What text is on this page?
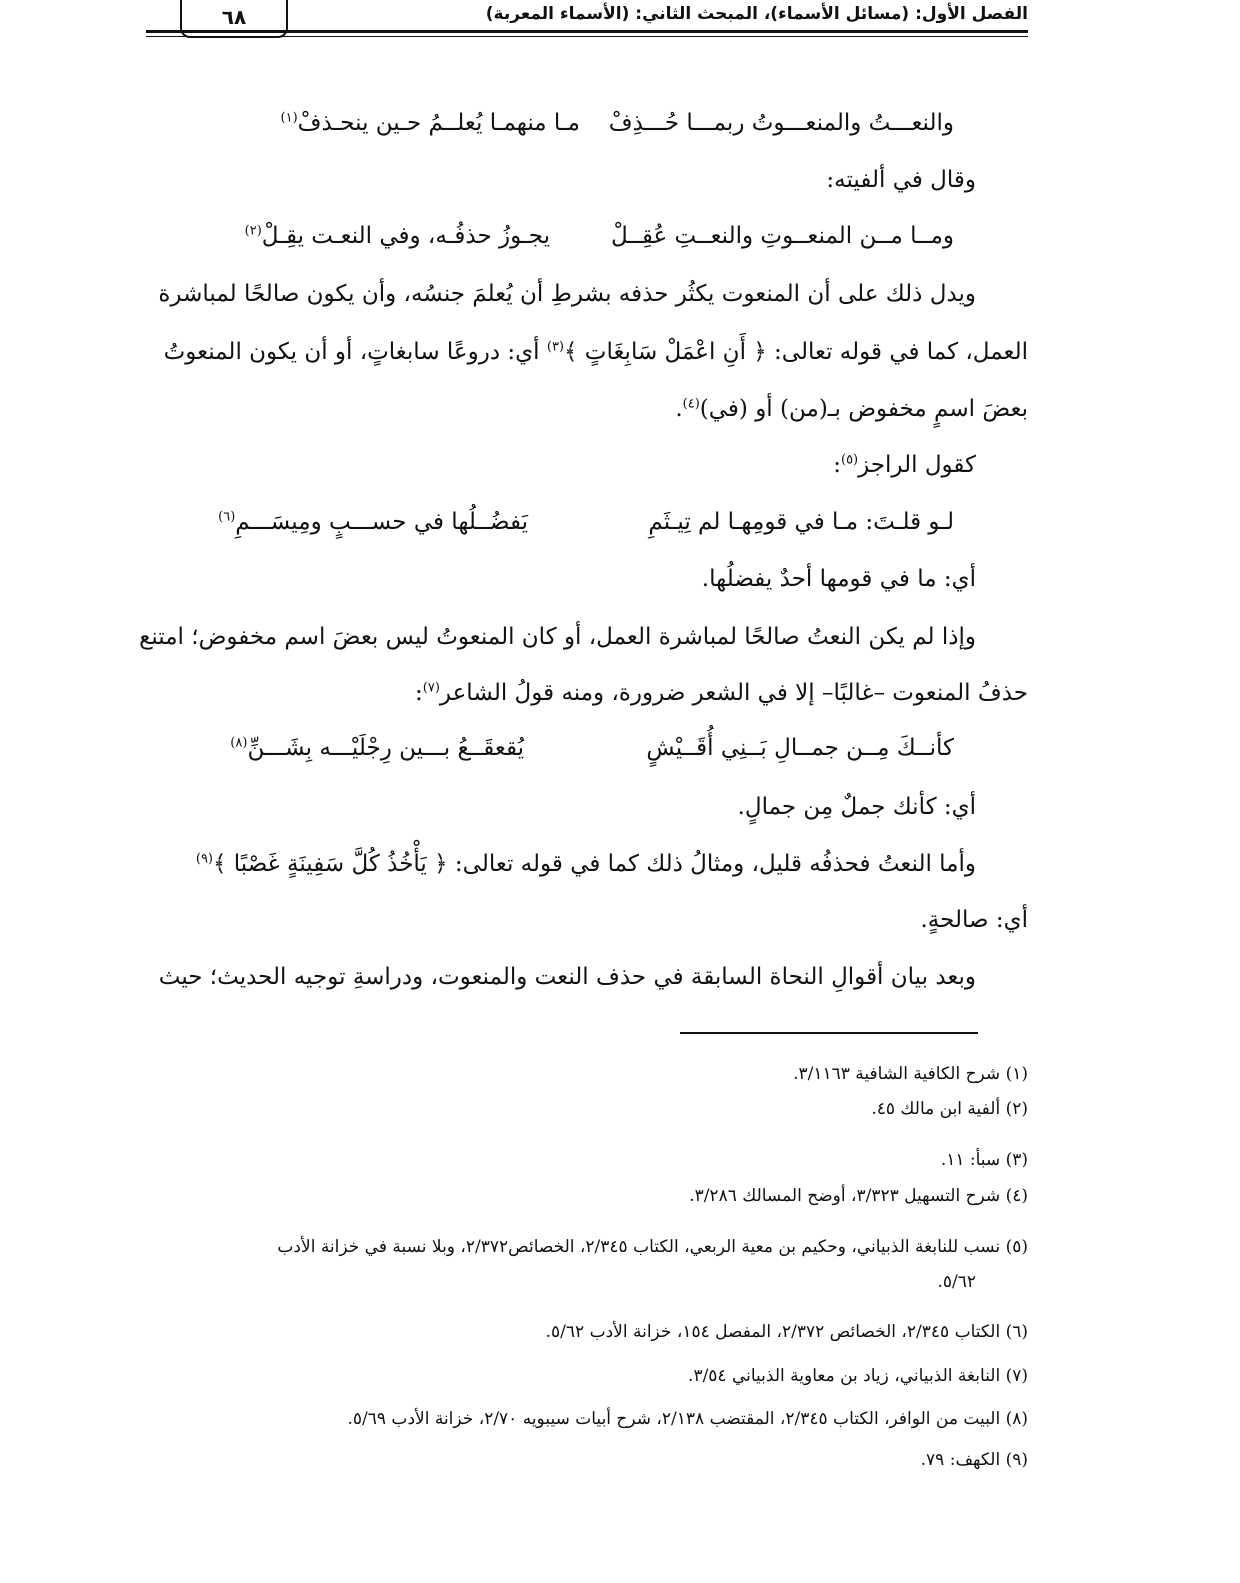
الفصل الأول: (مسائل الأسماء)، المبحث الثاني: (الأسماء المعربة)
٦٨
والنعـــتُ والمنعـــوتُ ربمـــا حُـــذِفْ
مـا منهمـا يُعلــمُ حـين ينحـذفْ$^{(١)}$
وقال في ألفيته:
ومــا مــن المنعــوتِ والنعــتِ عُقِــلْ
يجـوزُ حذفُـه، وفي النعـت يقِـلْ$^{(٢)}$
ويدل ذلك على أن المنعوت يكثُر حذفه بشرطِ أن يُعلمَ جنسُه، وأن يكون صالحًا لمباشرة
العمل، كما في قوله تعالى: ﴿ أَنِ اعْمَلْ سَابِغَاتٍ ﴾$^{(٣)}$ أي: دروعًا سابغاتٍ، أو أن يكون المنعوتُ
بعضَ اسمٍ مخفوض بـ(من) أو (في)$^{(٤)}$.
كقول الراجز$^{(٥)}$:
لـو قلـتَ: مـا في قومِهـا لم تِيـثَمِ
يَفضُــلُها في حســـبٍ ومِيسَـــمِ$^{(٦)}$
أي: ما في قومها أحدٌ يفضلُها.
وإذا لم يكن النعتُ صالحًا لمباشرة العمل، أو كان المنعوتُ ليس بعضَ اسم مخفوض؛ امتنع
حذفُ المنعوت –غالبًا– إلا في الشعر ضرورة، ومنه قولُ الشاعر$^{(٧)}$:
كأنــكَ مِــن جمــالِ بَــنِي أُقَــيْشٍ
يُقعقَــعُ بـــين رِجْلَيْـــه بِشَـــنِّ$^{(٨)}$
أي: كأنك جملٌ مِن جمالٍ.
وأما النعتُ فحذفُه قليل، ومثالُ ذلك كما في قوله تعالى: ﴿ يَأْخُذُ كُلَّ سَفِينَةٍ غَصْبًا ﴾$^{(٩)}$
أي: صالحةٍ.
وبعد بيان أقوالِ النحاة السابقة في حذف النعت والمنعوت، ودراسةِ توجيه الحديث؛ حيث
(١) شرح الكافية الشافية ٣/١١٦٣.
(٢) ألفية ابن مالك ٤٥.
(٣) سبأ: ١١.
(٤) شرح التسهيل ٣/٣٢٣، أوضح المسالك ٣/٢٨٦.
(٥) نسب للنابغة الذبياني، وحكيم بن معية الربعي، الكتاب ٢/٣٤٥، الخصائص٢/٣٧٢، وبلا نسبة في خزانة الأدب
٥/٦٢.
(٦) الكتاب ٢/٣٤٥، الخصائص ٢/٣٧٢، المفصل ١٥٤، خزانة الأدب ٥/٦٢.
(٧) النابغة الذبياني، زياد بن معاوية الذبياني ٣/٥٤.
(٨) البيت من الوافر، الكتاب ٢/٣٤٥، المقتضب ٢/١٣٨، شرح أبيات سيبويه ٢/٧٠، خزانة الأدب ٥/٦٩.
(٩) الكهف: ٧٩.
